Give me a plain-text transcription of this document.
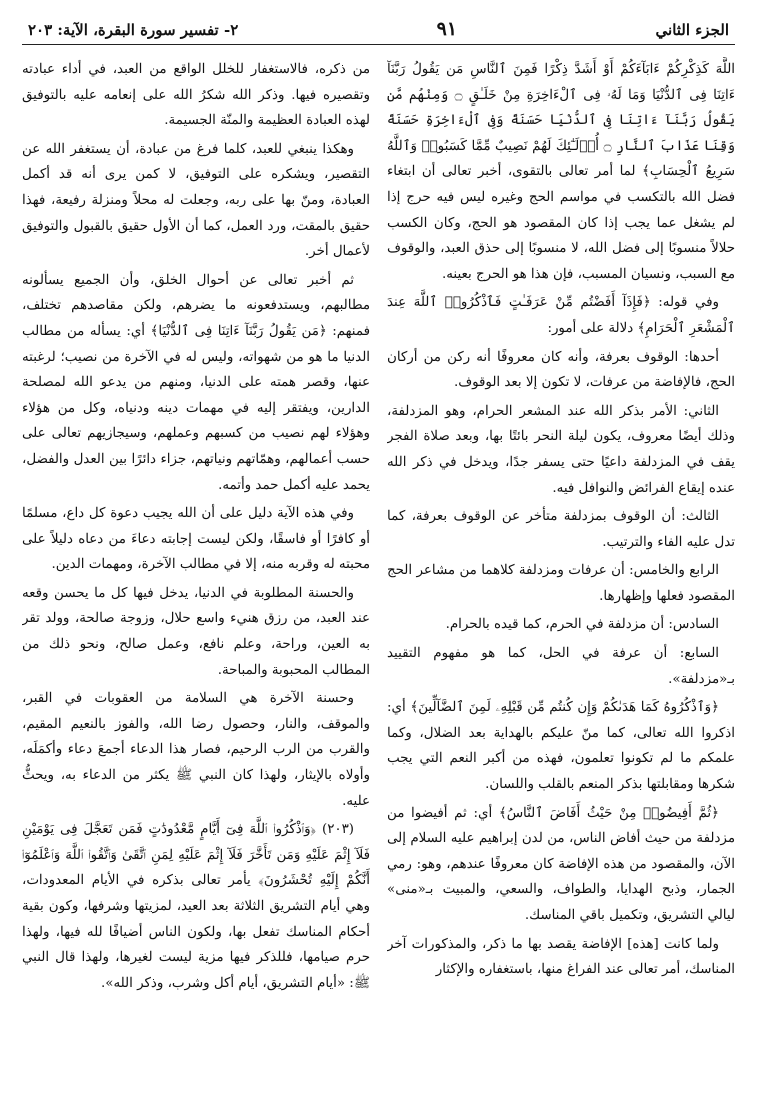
الجزء الثاني
٩١
٢- تفسير سورة البقرة، الآية: ٢٠٣

اللَّهَ كَذِكْرِكُمْ ءَابَآءَكُمْ أَوْ أَشَدَّ ذِكْرًا فَمِنَ ٱلنَّاسِ مَن يَقُولُ رَبَّنَآ ءَاتِنَا فِى ٱلدُّنْيَا وَمَا لَهُۥ فِى ٱلْءَاخِرَةِ مِنْ خَلَـٰقٍ ۝ وَمِنْهُم مَّن يَقُولُ رَبَّنَآ ءَاتِنَا فِى ٱلدُّنْيَا حَسَنَةً وَفِى ٱلْءَاخِرَةِ حَسَنَةً وَقِنَا عَذَابَ ٱلنَّارِ ۝ أُو۟لَـٰٓئِكَ لَهُمْ نَصِيبٌ مِّمَّا كَسَبُوا۟ وَٱللَّهُ سَرِيعُ ٱلْحِسَابِ﴾ لما أمر تعالى بالتقوى، أخبر تعالى أن ابتغاء فضل الله بالتكسب في مواسم الحج وغيره ليس فيه حرج إذا لم يشغل عما يجب إذا كان المقصود هو الحج، وكان الكسب حلالاً منسوبًا إلى فضل الله، لا منسوبًا إلى حذق العبد، والوقوف مع السبب، ونسيان المسبب، فإن هذا هو الحرج بعينه.

وفي قوله: ﴿فَإِذَآ أَفَضْتُم مِّنْ عَرَفَـٰتٍ فَٱذْكُرُوا۟ ٱللَّهَ عِندَ ٱلْمَشْعَرِ ٱلْحَرَامِ﴾ دلالة على أمور:

أحدها: الوقوف بعرفة، وأنه كان معروفًا أنه ركن من أركان الحج، فالإفاضة من عرفات، لا تكون إلا بعد الوقوف.

الثاني: الأمر بذكر الله عند المشعر الحرام، وهو المزدلفة، وذلك أيضًا معروف، يكون ليلة النحر بائتًا بها، وبعد صلاة الفجر يقف في المزدلفة داعيًا حتى يسفر جدًا، ويدخل في ذكر الله عنده إيقاع الفرائض والنوافل فيه.

الثالث: أن الوقوف بمزدلفة متأخر عن الوقوف بعرفة، كما تدل عليه الفاء والترتيب.

الرابع والخامس: أن عرفات ومزدلفة كلاهما من مشاعر الحج المقصود فعلها وإظهارها.

السادس: أن مزدلفة في الحرم، كما قيده بالحرام.

السابع: أن عرفة في الحل، كما هو مفهوم التقييد بـ«مزدلفة».

﴿وَٱذْكُرُوهُ كَمَا هَدَىٰكُمْ وَإِن كُنتُم مِّن قَبْلِهِۦ لَمِنَ ٱلضَّآلِّينَ﴾ أي: اذكروا الله تعالى، كما منّ عليكم بالهداية بعد الضلال، وكما علمكم ما لم تكونوا تعلمون، فهذه من أكبر النعم التي يجب شكرها ومقابلتها بذكر المنعم بالقلب واللسان.

﴿ثُمَّ أَفِيضُوا۟ مِنْ حَيْثُ أَفَاضَ ٱلنَّاسُ﴾ أي: ثم أفيضوا من مزدلفة من حيث أفاض الناس، من لدن إبراهيم عليه السلام إلى الآن، والمقصود من هذه الإفاضة كان معروفًا عندهم، وهو: رمي الجمار، وذبح الهدايا، والطواف، والسعي، والمبيت بـ«منى» ليالي التشريق، وتكميل باقي المناسك.

ولما كانت [هذه] الإفاضة يقصد بها ما ذكر، والمذكورات آخر المناسك، أمر تعالى عند الفراغ منها، باستغفاره والإكثار

من ذكره، فالاستغفار للخلل الواقع من العبد، في أداء عبادته وتقصيره فيها. وذكر الله شكرُ الله على إنعامه عليه بالتوفيق لهذه العبادة العظيمة والمنّة الجسيمة.

وهكذا ينبغي للعبد، كلما فرغ من عبادة، أن يستغفر الله عن التقصير، ويشكره على التوفيق، لا كمن يرى أنه قد أكمل العبادة، ومنّ بها على ربه، وجعلت له محلاً ومنزلة رفيعة، فهذا حقيق بالمقت، ورد العمل، كما أن الأول حقيق بالقبول والتوفيق لأعمال أخر.

ثم أخبر تعالى عن أحوال الخلق، وأن الجميع يسألونه مطالبهم، ويستدفعونه ما يضرهم، ولكن مقاصدهم تختلف، فمنهم: ﴿مَن يَقُولُ رَبَّنَآ ءَاتِنَا فِى ٱلدُّنْيَا﴾ أي: يسأله من مطالب الدنيا ما هو من شهواته، وليس له في الآخرة من نصيب؛ لرغبته عنها، وقصر همته على الدنيا، ومنهم من يدعو الله لمصلحة الدارين، ويفتقر إليه في مهمات دينه ودنياه، وكل من هؤلاء وهؤلاء لهم نصيب من كسبهم وعملهم، وسيجازيهم تعالى على حسب أعمالهم، وهمّاتهم ونياتهم، جزاء دائرًا بين العدل والفضل، يحمد عليه أكمل حمد وأتمه.

وفي هذه الآية دليل على أن الله يجيب دعوة كل داع، مسلمًا أو كافرًا أو فاسقًا، ولكن ليست إجابته دعاءَ من دعاه دليلاً على محبته له وقربه منه، إلا في مطالب الآخرة، ومهمات الدين.

والحسنة المطلوبة في الدنيا، يدخل فيها كل ما يحسن وقعه عند العبد، من رزق هنيء واسع حلال، وزوجة صالحة، وولد تقر به العين، وراحة، وعلم نافع، وعمل صالح، ونحو ذلك من المطالب المحبوبة والمباحة.

وحسنة الآخرة هي السلامة من العقوبات في القبر، والموقف، والنار، وحصول رضا الله، والفوز بالنعيم المقيم، والقرب من الرب الرحيم، فصار هذا الدعاء أجمعَ دعاء وأكمَلَه، وأولاه بالإيثار، ولهذا كان النبي ﷺ يكثر من الدعاء به، ويحثُّ عليه.

(٢٠٣) ﴿وَٱذْكُرُوا۟ ٱللَّهَ فِىٓ أَيَّامٍ مَّعْدُودَٰتٍ فَمَن تَعَجَّلَ فِى يَوْمَيْنِ فَلَآ إِثْمَ عَلَيْهِ وَمَن تَأَخَّرَ فَلَآ إِثْمَ عَلَيْهِ لِمَنِ ٱتَّقَىٰ وَٱتَّقُوا۟ ٱللَّهَ وَٱعْلَمُوٓا۟ أَنَّكُمْ إِلَيْهِ تُحْشَرُونَ﴾ يأمر تعالى بذكره في الأيام المعدودات، وهي أيام التشريق الثلاثة بعد العيد، لمزيتها وشرفها، وكون بقية أحكام المناسك تفعل بها، ولكون الناس أضيافًا لله فيها، ولهذا حرم صيامها، فللذكر فيها مزية ليست لغيرها، ولهذا قال النبي ﷺ: «أيام التشريق، أيام أكل وشرب، وذكر الله».
